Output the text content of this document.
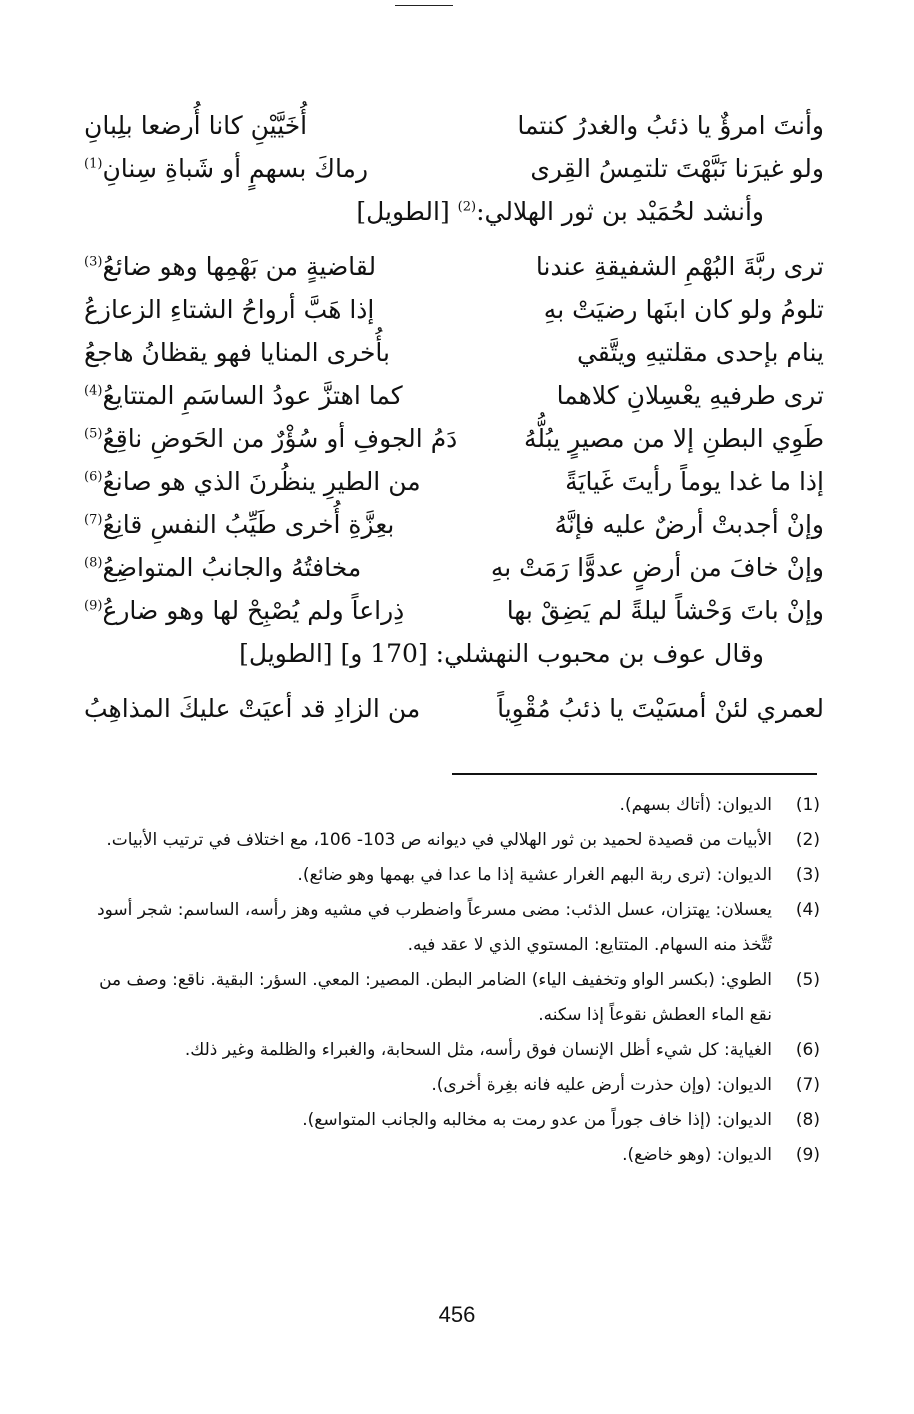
وأنتَ امرؤٌ يا ذئبُ والغدرُ كنتما
أُخَيَّيْنِ كانا أُرضعا بلِبانِ
ولو غيرَنا نَبَّهْتَ تلتمِسُ القِرى
رماكَ بسهمٍ أو شَباةِ سِنانِ$^{(1)}$
وأنشد لحُمَيْد بن ثور الهلالي:$^{(2)}$ [الطويل]
ترى ربَّةَ البُهْمِ الشفيقةِ عندنا
لقاضيةٍ من بَهْمِها وهو ضائعُ$^{(3)}$
تلومُ ولو كان ابنَها رضيَتْ بهِ
إذا هَبَّ أرواحُ الشتاءِ الزعازعُ
ينام بإحدى مقلتيهِ ويتَّقي
بأُخرى المنايا فهو يقظانُ هاجعُ
ترى طرفيهِ يعْسِلانِ كلاهما
كما اهتزَّ عودُ الساسَمِ المتتايعُ$^{(4)}$
طَوِي البطنِ إلا من مصيرٍ يبُلُّهُ
دَمُ الجوفِ أو سُؤْرٌ من الحَوضِ ناقِعُ$^{(5)}$
إذا ما غدا يوماً رأيتَ غَيايَةً
من الطيرِ ينظُرنَ الذي هو صانعُ$^{(6)}$
وإنْ أجدبتْ أرضٌ عليه فإنَّهُ
بعِزَّةِ أُخرى طَيِّبُ النفسِ قانِعُ$^{(7)}$
وإنْ خافَ من أرضٍ عدوًّا رَمَتْ بهِ
مخافتُهُ والجانبُ المتواضِعُ$^{(8)}$
وإنْ باتَ وَحْشاً ليلةً لم يَضِقْ بها
ذِراعاً ولم يُصْبِحْ لها وهو ضارعُ$^{(9)}$
وقال عوف بن محبوب النهشلي: [170 و] [الطويل]
لعمري لئنْ أمسَيْتَ يا ذئبُ مُقْوِياً
من الزادِ قد أعيَتْ عليكَ المذاهِبُ
(1)
الديوان: (أتاك بسهم).
(2)
الأبيات من قصيدة لحميد بن ثور الهلالي في ديوانه ص 103- 106، مع اختلاف في ترتيب الأبيات.
(3)
الديوان: (ترى ربة البهم الغرار عشية إذا ما عدا في بهمها وهو ضائع).
(4)
يعسلان: يهتزان، عسل الذئب: مضى مسرعاً واضطرب في مشيه وهز رأسه، الساسم: شجر أسود تُتَّخذ منه السهام. المتتايع: المستوي الذي لا عقد فيه.
(5)
الطوي: (بكسر الواو وتخفيف الياء) الضامر البطن. المصير: المعي. السؤر: البقية. ناقع: وصف من نقع الماء العطش نقوعاً إذا سكنه.
(6)
الغياية: كل شيء أظل الإنسان فوق رأسه، مثل السحابة، والغبراء والظلمة وغير ذلك.
(7)
الديوان: (وإن حذرت أرض عليه فانه بغِرة أخرى).
(8)
الديوان: (إذا خاف جوراً من عدو رمت به مخالبه والجانب المتواسع).
(9)
الديوان: (وهو خاضع).
456
